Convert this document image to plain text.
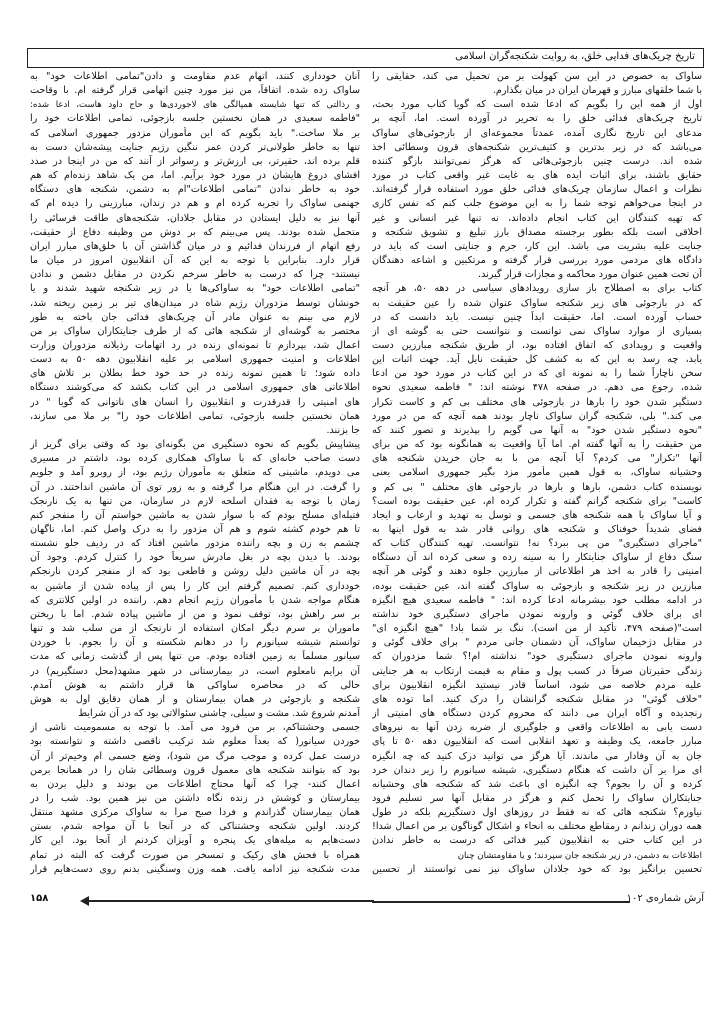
تاریخ چریک‌های فدایی خلق، به روایت شکنجه‌گران اسلامی
ساواک به خصوص در این سن کهولت بر من تحمیل می کند، حقایقی را
با شما خلقهای مبارز و قهرمان ایران در میان بگذارم.
اول از همه این را بگویم که ادعا شده است که گویا کتاب مورد بحث،
تاریخ چریک‌های فدائی خلق را به تحریر در آورده است. اما، آنچه بر
مدعای این تاریخ نگاری آمده، عمدتاً مجموعه‌ای از بازجوئی‌های ساواک
می‌باشد که در زیر بدترین و کثیف‌ترین شکنجه‌های قرون وسطائی اخذ
شده اند. درست چنین بازجوئی‌هائی که هرگز نمی‌توانند بازگو کننده
حقایق باشند، برای اثبات ایده های به غایت غیر واقعی کتاب در مورد
نظرات و اعمال سازمان چریک‌های فدائی خلق مورد استفاده قرار گرفته‌اند.
در اینجا می‌خواهم توجه شما را به این موضوع جلب کنم که نفس کاری
که تهیه کنندگان این کتاب انجام داده‌اند، نه تنها غیر انسانی و غیر
اخلاقی است بلکه بطور برجسته مصداق بارز تبلیغ و تشویق شکنجه و
جنایت علیه بشریت می باشد. این کار، جرم و جنایتی است که باید در
دادگاه های مردمی مورد بررسی قرار گرفته و مرتکبین و اشاعه دهندگان
آن تحت همین عنوان مورد محاکمه و مجازات قرار گیرند.
کتاب برای به اصطلاح باز سازی رویدادهای سیاسی در دهه ۵۰، هر آنچه
که در بازجوئی های زیر شکنجه ساواک عنوان شده را عین حقیقت به
حساب آورده است. اما، حقیقت ابداً چنین نیست. باید دانست که در
بسیاری از موارد ساواک نمی توانست و نتوانست حتی به گوشه ای از
واقعیت و رویدادی که اتفاق افتاده بود، از طریق شکنجه مبارزین دست
یابد، چه رسد به این که به کشف کل حقیقت نایل آید. جهت اثبات این
سخن ناچاراً شما را به نمونه ای که در این کتاب در مورد خود من ادعا
شده، رجوع می دهم. در صفحه ۴۷۸ نوشته اند: " فاطمه سعیدی نحوه
دستگیر شدن خود را بارها در بازجوئی های مختلف بی کم و کاست تکرار
می کند." بلی، شکنجه گران ساواک ناچار بودند همه آنچه که من در مورد
"نحوه دستگیر شدن خود" به آنها می گویم را بپذیرند و تصور کنند که
من حقیقت را به آنها گفته ام. اما آیا واقعیت به همانگونه بود که من برای
آنها "تکرار" می کردم؟ آیا آنچه من با به جان خریدن شکنجه های
وحشیانه ساواک، به قول همین مأمور مزد بگیر جمهوری اسلامی یعنی
نویسنده کتاب دشمن، بارها و بارها در بازجوئی های مختلف " بی کم و
کاست" برای شکنجه گرانم گفته و تکرار کرده ام، عین حقیقت بوده است؟
و آیا ساواک با همه شکنجه های جسمی و توسل به تهدید و ارعاب و ایجاد
فضای شدیداً خوفناک و شکنجه های روانی قادر شد به قول اینها به
"ماجرای دستگیری" من پی ببرد؟ نه! نتوانست. تهیه کنندگان کتاب که
سنگ دفاع از ساواک جنایتکار را به سینه زده و سعی کرده اند آن دستگاه
امنیتی را قادر به اخذ هر اطلاعاتی از مبارزین جلوه دهند و گوئی هر آنچه
مبارزین در زیر شکنجه و بازجوئی به ساواک گفته اند، عین حقیقت بوده،
در ادامه مطلب خود بیشرمانه ادعا کرده اند: " فاطمه سعیدی هیچ انگیزه
ای برای خلاف گوئي و وارونه نمودن ماجرای دستگیری خود نداشته
است"(صفحه ۴۷۹، تأکید از من است). ننگ بر شما باد! "هیچ انگیزه ای"
در مقابل دژخیمان ساواک، آن دشمنان جانی مردم " برای خلاف گوئی و
وارونه نمودن ماجرای دستگیری خود" نداشته ام!؟ شما مزدوران که
زندگی حقیرتان صرفاً در کسب پول و مقام به قیمت ارتکاب به هر جنایتی
علیه مردم خلاصه می شود، اساساً قادر نیستید انگیزه انقلابیون برای
"خلاف گوئی" در مقابل شکنجه گرانشان را درک کنید. اما توده های
رنجدیده و آگاه ایران می دانند که محروم کردن دستگاه های امنیتی از
دست یابی به اطلاعات واقعی و جلوگیری از ضربه زدن آنها به نیروهای
مبارز جامعه، یک وظیفه و تعهد انقلابی است که انقلابیون دهه ۵۰ تا پای
جان به آن وفادار می ماندند. آیا هرگز می توانید درک کنید که چه انگیزه
ای مرا بر آن داشت که هنگام دستگیری، شیشه سیانورم را زیر دندان خرد
کرده و آن را بجوم؟ چه انگیزه ای باعث شد که شکنجه های وحشیانه
جنایتکاران ساواک را تحمل کنم و هرگز در مقابل آنها سر تسلیم فرود
نیاورم؟ شکنجه هائی که نه فقط در روزهای اول دستگیریم بلکه در طول
همه دوران زندانم د رمقاطع مختلف به انحاء و اشکال گوناگون بر من اعمال شدا!
در این کتاب حتی به انقلابیون کبیر فدائی که درست به خاطر ندادن
اطلاعات به دشمن، در زیر شکنجه جان سپردند؛ و یا مقاومتشان چنان
تحسین برانگیز بود که خود جلادان ساواک نیز نمی توانستند از تحسین
آنان خودداری کنند، اتهام عدم مقاومت و دادن"تمامی اطلاعات خود" به
ساواک زده شده. اتفاقاً، من نیز مورد چنین اتهامی قرار گرفته ام. با وقاحت
و رذالتی که تنها شایسته همپالگی های لاجوردی‌ها و حاج داود هاست، ادعا شده:
"فاطمه سعیدی در همان نخستین جلسه بازجوئی، تمامی اطلاعات خود را
بر ملا ساخت." باید بگویم که این مأموران مزدور جمهوری اسلامی که
تنها به خاطر طولانی‌تر کردن عمر ننگین رژیم جنایت پیشه‌شان دست به
قلم برده اند، حقیرتر، بی ارزش‌تر و رسواتر از آنند که من در اینجا در صدد
افشای دروغ هایشان در مورد خود برآیم. اما، من یک شاهد زنده‌ام که هم
خود به خاطر ندادن "تمامی اطلاعات"ام به دشمن، شکنجه های دستگاه
جهنمی ساواک را تجربه کرده ام و هم در زندان، مبارزینی را دیده ام که
آنها نیز به دلیل ایستادن در مقابل جلادان، شکنجه‌های طاقت فرسائی را
متحمل شده بودند. پس می‌بینم که بر دوش من وظیفه دفاع از حقیقت،
رفع اتهام از فرزندان فدائیم و در میان گذاشتن آن با خلق‌های مبارز ایران
قرار دارد. بنابراین با توجه به این که آن انقلابیون امروز در میان ما
نیستند- چرا که درست به خاطر سرخم نکردن در مقابل دشمن و ندادن
"تمامی اطلاعات خود" به ساواکی‌ها یا در زیر شکنجه شهید شدند و یا
خونشان توسط مزدوران رژیم شاه در میدان‌های تیر بر زمین ریخته شد،
لازم می بینم به عنوان مادر آن چریک‌های فدائی جان باخته به طور
مختصر به گوشه‌ای از شکنجه هائی که از طرف جنایتکاران ساواک بر من
اعمال شد، بپردازم تا نمونه‌ای زنده در رد اتهامات رذیلانه مزدوران وزارت
اطلاعات و امنیت جمهوری اسلامی بر علیه انقلابیون دهه ۵۰ به دست
داده شود؛ تا همین نمونه زنده در حد خود خط بطلان بر تلاش های
اطلاعاتی های جمهوری اسلامی در این کتاب بکشد که می‌کوشند دستگاه
های امنیتی را قدرقدرت و انقلابیون را انسان های ناتوانی که گویا " در
همان نخستین جلسه بازجوئی، تمامی اطلاعات خود را" بر ملا می سازند،
جا بزنند.
پیشاپیش بگویم که نحوه دستگیری من بگونه‌ای بود که وقتی برای گریز از
دست صاحب خانه‌ای که با ساواک همکاری کرده بود، داشتم در مسیری
می دویدم، ماشینی که متعلق به مأموران رژیم بود، از روبرو آمد و جلویم
را گرفت. در این هنگام مرا گرفته و به زور توی آن ماشین انداختند. در آن
زمان با توجه به فقدان اسلحه لازم در سازمان، من تنها به یک نارنجک
فتیله‌ای مسلح بودم که با سوار شدن به ماشین خواستم آن را منفجر کنم
تا هم خودم کشته شوم و هم آن مزدور را به درک واصل کنم. اما، ناگهان
چشمم به زن و بچه راننده مزدور ماشین افتاد که در ردیف جلو نشسته
بودند. با دیدن بچه در بغل مادرش سریعاً خود را کنترل کردم. وجود آن
بچه در آن ماشین دلیل روشن و قاطعی بود که از منفجر کردن نارنجکم
خودداری کنم. تصمیم گرفتم این کار را پس از پیاده شدن از ماشین به
هنگام مواجه شدن با مأموران رژیم انجام دهم. راننده در اولین کلانتری که
بر سر راهش بود، توقف نمود و من از ماشین پیاده شدم. اما با ریختن
ماموران بر سرم دیگر امکان استفاده از نارنجک از من سلب شد و تنها
توانستم شیشه سیانورم را در دهانم شکسته و آن را بجوم. با خوردن
سیانور مسلماً به زمین افتاده بودم. من تنها پس از گذشت زمانی که مدت
آن برایم نامعلوم است، در بیمارستانی در شهر مشهد(محل دستگیریم) در
حالی که در محاصره ساواکی ها قرار داشتم به هوش آمدم.
شکنجه و بازجوئی در همان بیمارستان و از همان دقایق اول به هوش
آمدنم شروع شد. مشت و سیلی، چاشنی سئوالاتی بود که در آن شرایط
جسمی وحشتناکم، بر من فرود می آمد. با توجه به مسمومیت ناشی از
خوردن سیانور( که بعداً معلوم شد ترکیب ناقصی داشته و نتوانسته بود
درست عمل کرده و موجب مرگ من شود)، وضع جسمی ام وخیم‌تر از آن
بود که بتوانند شکنجه های معمول قرون وسطائی شان را در همانجا برمن
اعمال کنند- چرا که آنها محتاج اطلاعات من بودند و دلیل بردن به
بیمارستان و کوشش در زنده نگاه داشتن من نیز همین بود. شب را در
همان بیمارستان گذراندم و فردا صبح مرا به ساواک مرکزی مشهد منتقل
کردند. اولین شکنجه وحشتناکی که در آنجا با آن مواجه شدم، بستن
دست‌هایم به میله‌های یک پنجره و آویزان کردنم از آنجا بود. این کار
همراه با فحش های رکیک و تمسخر من صورت گرفت که البته در تمام
مدت شکنجه نیز ادامه یافت. همه وزن وسنگینی بدنم روی دست‌هایم قرار
آرش شماره‌ی ۱۰۲
۱۵۸
